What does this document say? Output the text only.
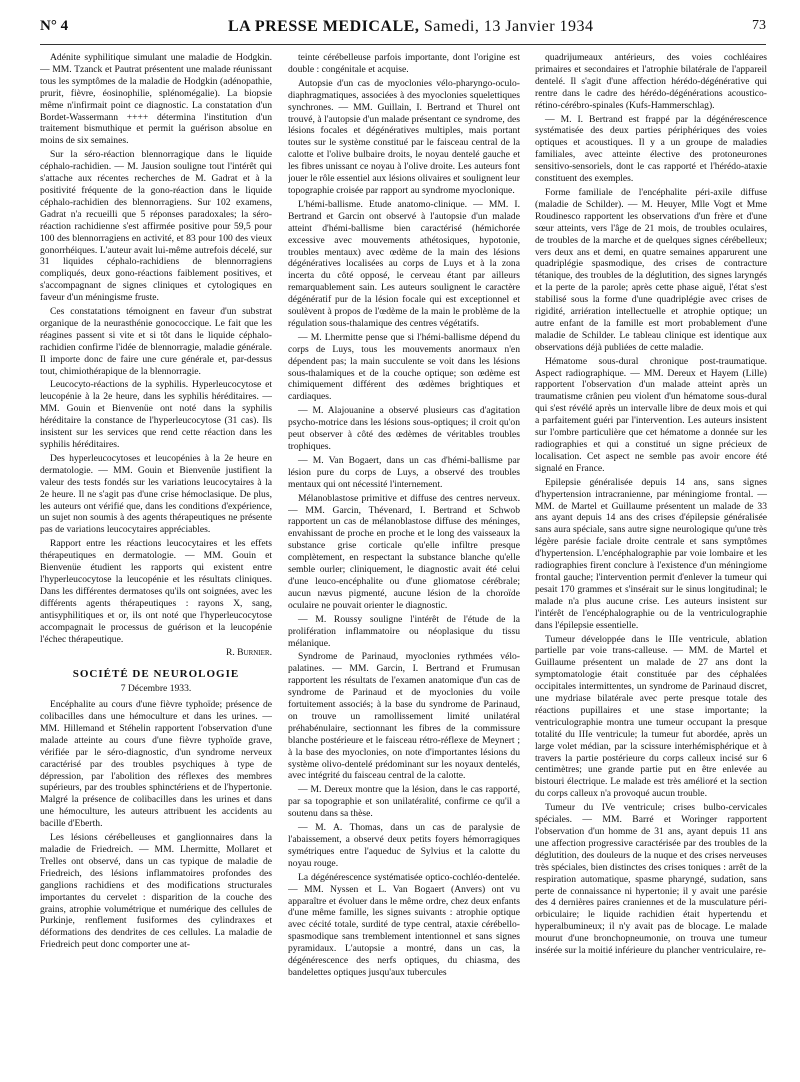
N° 4	LA PRESSE MEDICALE, Samedi, 13 Janvier 1934	73

Adénite syphilitique simulant une maladie de Hodgkin. — MM. Tzanck et Pautrat présentent une malade réunissant tous les symptômes de la maladie de Hodgkin (adénopathie, prurit, fièvre, éosinophilie, splénomégalie). La biopsie même n'infirmait point ce diagnostic. La constatation d'un Bordet-Wassermann ++++ détermina l'institution d'un traitement bismuthique et permit la guérison absolue en moins de six semaines.

Sur la séro-réaction blennorragique dans le liquide céphalo-rachidien. — M. Jausion souligne tout l'intérêt qui s'attache aux récentes recherches de M. Gadrat et à la positivité fréquente de la gono-réaction dans le liquide céphalo-rachidien des blennorragiens. Sur 102 examens, Gadrat n'a recueilli que 5 réponses paradoxales; la séro-réaction rachidienne s'est affirmée positive pour 59,5 pour 100 des blennorragiens en activité, et 83 pour 100 des vieux gonorrhéiques. L'auteur avait lui-même autrefois décelé, sur 31 liquides céphalo-rachidiens de blennorragiens compliqués, deux gono-réactions faiblement positives, et s'accompagnant de signes cliniques et cytologiques en faveur d'un méningisme fruste.

Ces constatations témoignent en faveur d'un substrat organique de la neurasthénie gonococcique. Le fait que les réagines passent si vite et si tôt dans le liquide céphalo-rachidien confirme l'idée de blennorragie, maladie générale. Il importe donc de faire une cure générale et, par-dessus tout, chimiothérapique de la blennorragie.

Leucocyto-réactions de la syphilis. Hyperleucocytose et leucopénie à la 2e heure, dans les syphilis héréditaires. — MM. Gouin et Bienvenüe ont noté dans la syphilis héréditaire la constance de l'hyperleucocytose (31 cas). Ils insistent sur les services que rend cette réaction dans les syphilis héréditaires.

Des hyperleucocytoses et leucopénies à la 2e heure en dermatologie. — MM. Gouin et Bienvenüe justifient la valeur des tests fondés sur les variations leucocytaires à la 2e heure. Il ne s'agit pas d'une crise hémoclasique. De plus, les auteurs ont vérifié que, dans les conditions d'expérience, un sujet non soumis à des agents thérapeutiques ne présente pas de variations leucocytaires appréciables.

Rapport entre les réactions leucocytaires et les effets thérapeutiques en dermatologie. — MM. Gouin et Bienvenüe étudient les rapports qui existent entre l'hyperleucocytose la leucopénie et les résultats cliniques. Dans les différentes dermatoses qu'ils ont soignées, avec les différents agents thérapeutiques : rayons X, sang, antisyphilitiques et or, ils ont noté que l'hyperleucocytose accompagnait le processus de guérison et la leucopénie l'échec thérapeutique.

R. Burnier.

SOCIÉTÉ DE NEUROLOGIE

7 Décembre 1933.

Encéphalite au cours d'une fièvre typhoïde; présence de colibacilles dans une hémoculture et dans les urines. — MM. Hillemand et Stéhelin rapportent l'observation d'une malade atteinte au cours d'une fièvre typhoïde grave, vérifiée par le séro-diagnostic, d'un syndrome nerveux caractérisé par des troubles psychiques à type de dépression, par l'abolition des réflexes des membres supérieurs, par des troubles sphinctériens et de l'hypertonie. Malgré la présence de colibacilles dans les urines et dans une hémoculture, les auteurs attribuent les accidents au bacille d'Eberth.

Les lésions cérébelleuses et ganglionnaires dans la maladie de Friedreich. — MM. Lhermitte, Mollaret et Trelles ont observé, dans un cas typique de maladie de Friedreich, des lésions inflammatoires profondes des ganglions rachidiens et des modifications structurales importantes du cervelet : disparition de la couche des grains, atrophie volumétrique et numérique des cellules de Purkinje, renflement fusiformes des cylindraxes et déformations des dendrites de ces cellules. La maladie de Friedreich peut donc comporter une at-

teinte cérébelleuse parfois importante, dont l'origine est double : congénitale et acquise.

Autopsie d'un cas de myoclonies vélo-pharyngo-oculo-diaphragmatiques, associées à des myoclonies squelettiques synchrones. — MM. Guillain, I. Bertrand et Thurel ont trouvé, à l'autopsie d'un malade présentant ce syndrome, des lésions focales et dégénératives multiples, mais portant toutes sur le système constitué par le faisceau central de la calotte et l'olive bulbaire droits, le noyau dentelé gauche et les fibres unissant ce noyau à l'olive droite. Les auteurs font jouer le rôle essentiel aux lésions olivaires et soulignent leur topographie croisée par rapport au syndrome myoclonique.

L'hémi-ballisme. Etude anatomo-clinique. — MM. I. Bertrand et Garcin ont observé à l'autopsie d'un malade atteint d'hémi-ballisme bien caractérisé (hémichorée excessive avec mouvements athétosiques, hypotonie, troubles mentaux) avec œdème de la main des lésions dégénératives localisées au corps de Luys et à la zona incerta du côté opposé, le cerveau étant par ailleurs remarquablement sain. Les auteurs soulignent le caractère dégénératif pur de la lésion focale qui est exceptionnel et soulèvent à propos de l'œdème de la main le problème de la régulation sous-thalamique des centres végétatifs.

— M. Lhermitte pense que si l'hémi-ballisme dépend du corps de Luys, tous les mouvements anormaux n'en dépendent pas; la main succulente se voit dans les lésions sous-thalamiques et de la couche optique; son œdème est chimiquement différent des œdèmes brightiques et cardiaques.

— M. Alajouanine a observé plusieurs cas d'agitation psycho-motrice dans les lésions sous-optiques; il croit qu'on peut observer à côté des œdèmes de véritables troubles trophiques.

— M. Van Bogaert, dans un cas d'hémi-ballisme par lésion pure du corps de Luys, a observé des troubles mentaux qui ont nécessité l'internement.

Mélanoblastose primitive et diffuse des centres nerveux. — MM. Garcin, Thévenard, I. Bertrand et Schwob rapportent un cas de mélanoblastose diffuse des méninges, envahissant de proche en proche et le long des vaisseaux la substance grise corticale qu'elle infiltre presque complètement, en respectant la substance blanche qu'elle semble ourler; cliniquement, le diagnostic avait été celui d'une leuco-encéphalite ou d'une gliomatose cérébrale; aucun nævus pigmenté, aucune lésion de la choroïde oculaire ne pouvait orienter le diagnostic.

— M. Roussy souligne l'intérêt de l'étude de la prolifération inflammatoire ou néoplasique du tissu mélanique.

Syndrome de Parinaud, myoclonies rythmées vélo-palatines. — MM. Garcin, I. Bertrand et Frumusan rapportent les résultats de l'examen anatomique d'un cas de syndrome de Parinaud et de myoclonies du voile fortuitement associés; à la base du syndrome de Parinaud, on trouve un ramollissement limité unilatéral préhabénulaire, sectionnant les fibres de la commissure blanche postérieure et le faisceau rétro-réflexe de Meynert ; à la base des myoclonies, on note d'importantes lésions du système olivo-dentelé prédominant sur les noyaux dentelés, avec intégrité du faisceau central de la calotte.

— M. Dereux montre que la lésion, dans le cas rapporté, par sa topographie et son unilatéralité, confirme ce qu'il a soutenu dans sa thèse.

— M. A. Thomas, dans un cas de paralysie de l'abaissement, a observé deux petits foyers hémorragiques symétriques entre l'aqueduc de Sylvius et la calotte du noyau rouge.

La dégénérescence systématisée optico-cochléo-dentelée. — MM. Nyssen et L. Van Bogaert (Anvers) ont vu apparaître et évoluer dans le même ordre, chez deux enfants d'une même famille, les signes suivants : atrophie optique avec cécité totale, surdité de type central, ataxie cérébello-spasmodique sans tremblement intentionnel et sans signes pyramidaux. L'autopsie a montré, dans un cas, la dégénérescence des nerfs optiques, du chiasma, des bandelettes optiques jusqu'aux tubercules

quadrijumeaux antérieurs, des voies cochléaires primaires et secondaires et l'atrophie bilatérale de l'appareil dentelé. Il s'agit d'une affection hérédo-dégénérative qui rentre dans le cadre des hérédo-dégénérations acoustico-rétino-cérébro-spinales (Kufs-Hammerschlag).

— M. I. Bertrand est frappé par la dégénérescence systématisée des deux parties périphériques des voies optiques et acoustiques. Il y a un groupe de maladies familiales, avec atteinte élective des protoneurones sensitivo-sensoriels, dont le cas rapporté et l'hérédo-ataxie constituent des exemples.

Forme familiale de l'encéphalite péri-axile diffuse (maladie de Schilder). — M. Heuyer, Mlle Vogt et Mme Roudinesco rapportent les observations d'un frère et d'une sœur atteints, vers l'âge de 21 mois, de troubles oculaires, de troubles de la marche et de quelques signes cérébelleux; vers deux ans et demi, en quatre semaines apparurent une quadriplégie spasmodique, des crises de contracture tétanique, des troubles de la déglutition, des signes laryngés et la perte de la parole; après cette phase aiguë, l'état s'est stabilisé sous la forme d'une quadriplégie avec crises de rigidité, arriération intellectuelle et atrophie optique; un autre enfant de la famille est mort probablement d'une maladie de Schilder. Le tableau clinique est identique aux observations déjà publiées de cette maladie.

Hématome sous-dural chronique post-traumatique. Aspect radiographique. — MM. Dereux et Hayem (Lille) rapportent l'observation d'un malade atteint après un traumatisme crânien peu violent d'un hématome sous-dural qui s'est révélé après un intervalle libre de deux mois et qui a parfaitement guéri par l'intervention. Les auteurs insistent sur l'ombre particulière que cet hématome a donnée sur les radiographies et qui a constitué un signe précieux de localisation. Cet aspect ne semble pas avoir encore été signalé en France.

Epilepsie généralisée depuis 14 ans, sans signes d'hypertension intracranienne, par méningiome frontal. — MM. de Martel et Guillaume présentent un malade de 33 ans ayant depuis 14 ans des crises d'épilepsie généralisée sans aura spéciale, sans autre signe neurologique qu'une très légère parésie faciale droite centrale et sans symptômes d'hypertension. L'encéphalographie par voie lombaire et les radiographies firent conclure à l'existence d'un méningiome frontal gauche; l'intervention permit d'enlever la tumeur qui pesait 170 grammes et s'insérait sur le sinus longitudinal; le malade n'a plus aucune crise. Les auteurs insistent sur l'intérêt de l'encéphalographie ou de la ventriculographie dans l'épilepsie essentielle.

Tumeur développée dans le IIIe ventricule, ablation partielle par voie trans-calleuse. — MM. de Martel et Guillaume présentent un malade de 27 ans dont la symptomatologie était constituée par des céphalées occipitales intermittentes, un syndrome de Parinaud discret, une mydriase bilatérale avec perte presque totale des réactions pupillaires et une stase importante; la ventriculographie montra une tumeur occupant la presque totalité du IIIe ventricule; la tumeur fut abordée, après un large volet médian, par la scissure interhémisphérique et à travers la partie postérieure du corps calleux incisé sur 6 centimètres; une grande partie put en être enlevée au bistouri électrique. Le malade est très amélioré et la section du corps calleux n'a provoqué aucun trouble.

Tumeur du IVe ventricule; crises bulbo-cervicales spéciales. — MM. Barré et Woringer rapportent l'observation d'un homme de 31 ans, ayant depuis 11 ans une affection progressive caractérisée par des troubles de la déglutition, des douleurs de la nuque et des crises nerveuses très spéciales, bien distinctes des crises toniques : arrêt de la respiration automatique, spasme pharyngé, sudation, sans perte de connaissance ni hypertonie; il y avait une parésie des 4 dernières paires craniennes et de la musculature péri-orbiculaire; le liquide rachidien était hypertendu et hyperalbumineux; il n'y avait pas de blocage. Le malade mourut d'une bronchopneumonie, on trouva une tumeur insérée sur la moitié inférieure du plancher ventriculaire, re-
